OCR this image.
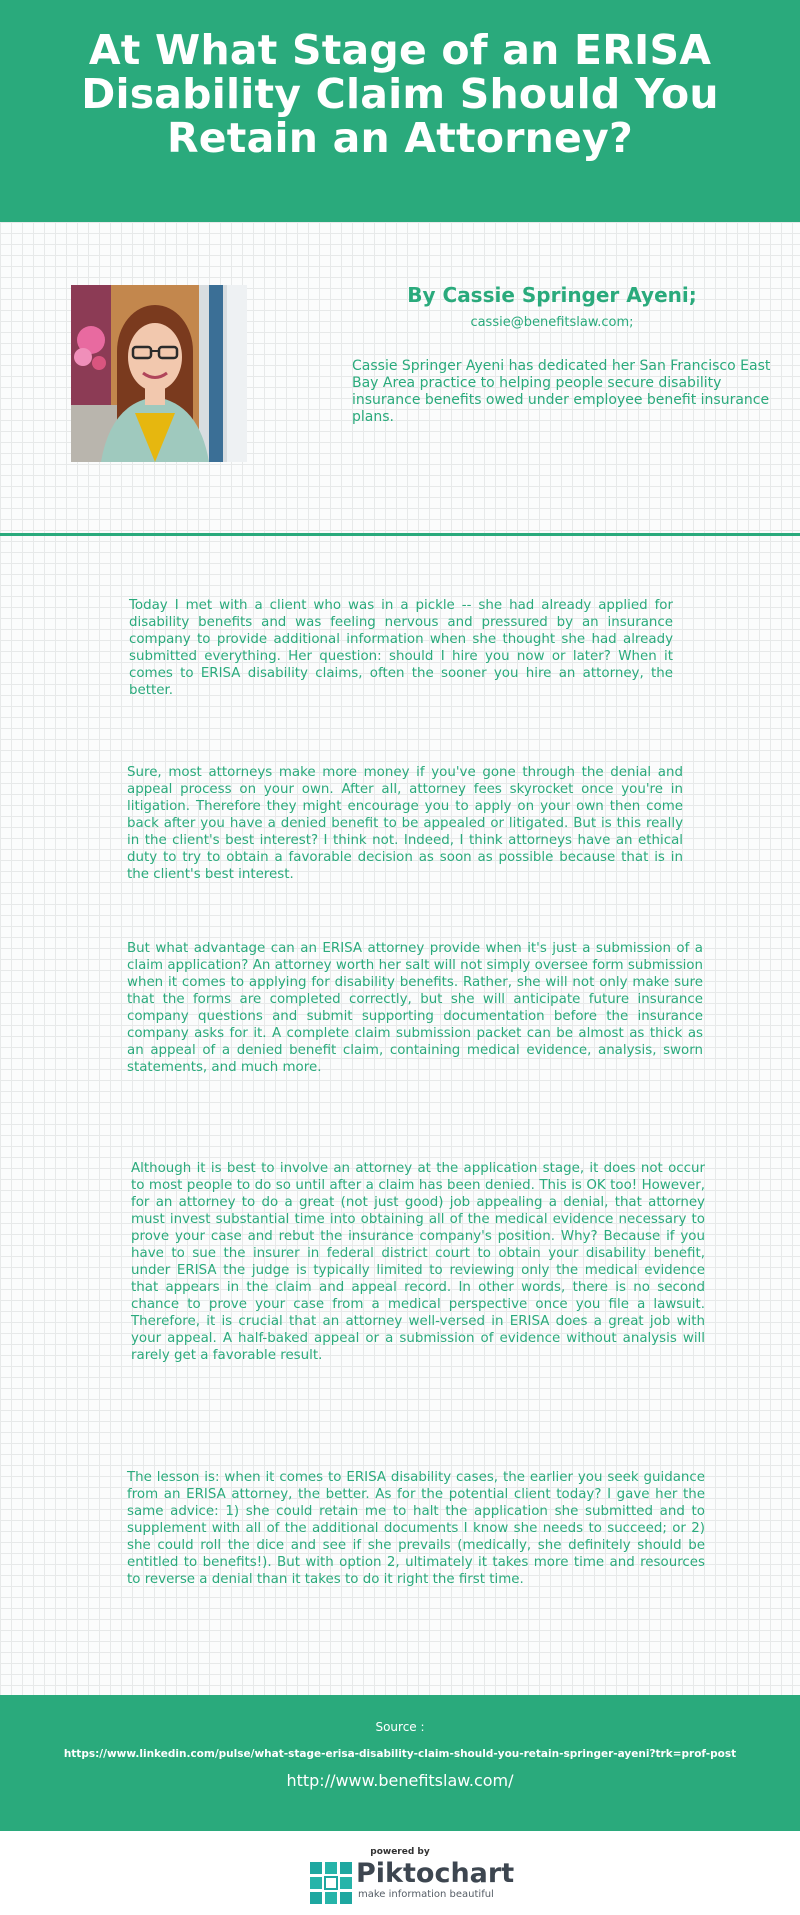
At What Stage of an ERISA Disability Claim Should You Retain an Attorney?
By Cassie Springer Ayeni;
cassie@benefitslaw.com;

Cassie Springer Ayeni has dedicated her San Francisco East Bay Area practice to helping people secure disability insurance benefits owed under employee benefit insurance plans.

Today I met with a client who was in a pickle -- she had already applied for disability benefits and was feeling nervous and pressured by an insurance company to provide additional information when she thought she had already submitted everything. Her question: should I hire you now or later? When it comes to ERISA disability claims, often the sooner you hire an attorney, the better.

Sure, most attorneys make more money if you've gone through the denial and appeal process on your own. After all, attorney fees skyrocket once you're in litigation. Therefore they might encourage you to apply on your own then come back after you have a denied benefit to be appealed or litigated. But is this really in the client's best interest? I think not. Indeed, I think attorneys have an ethical duty to try to obtain a favorable decision as soon as possible because that is in the client's best interest.

But what advantage can an ERISA attorney provide when it's just a submission of a claim application? An attorney worth her salt will not simply oversee form submission when it comes to applying for disability benefits. Rather, she will not only make sure that the forms are completed correctly, but she will anticipate future insurance company questions and submit supporting documentation before the insurance company asks for it. A complete claim submission packet can be almost as thick as an appeal of a denied benefit claim, containing medical evidence, analysis, sworn statements, and much more.

Although it is best to involve an attorney at the application stage, it does not occur to most people to do so until after a claim has been denied. This is OK too! However, for an attorney to do a great (not just good) job appealing a denial, that attorney must invest substantial time into obtaining all of the medical evidence necessary to prove your case and rebut the insurance company's position. Why? Because if you have to sue the insurer in federal district court to obtain your disability benefit, under ERISA the judge is typically limited to reviewing only the medical evidence that appears in the claim and appeal record. In other words, there is no second chance to prove your case from a medical perspective once you file a lawsuit. Therefore, it is crucial that an attorney well-versed in ERISA does a great job with your appeal. A half-baked appeal or a submission of evidence without analysis will rarely get a favorable result.

The lesson is: when it comes to ERISA disability cases, the earlier you seek guidance from an ERISA attorney, the better. As for the potential client today? I gave her the same advice: 1) she could retain me to halt the application she submitted and to supplement with all of the additional documents I know she needs to succeed; or 2) she could roll the dice and see if she prevails (medically, she definitely should be entitled to benefits!). But with option 2, ultimately it takes more time and resources to reverse a denial than it takes to do it right the first time.

Source :
https://www.linkedin.com/pulse/what-stage-erisa-disability-claim-should-you-retain-springer-ayeni?trk=prof-post
http://www.benefitslaw.com/
powered by
Piktochart
make information beautiful
